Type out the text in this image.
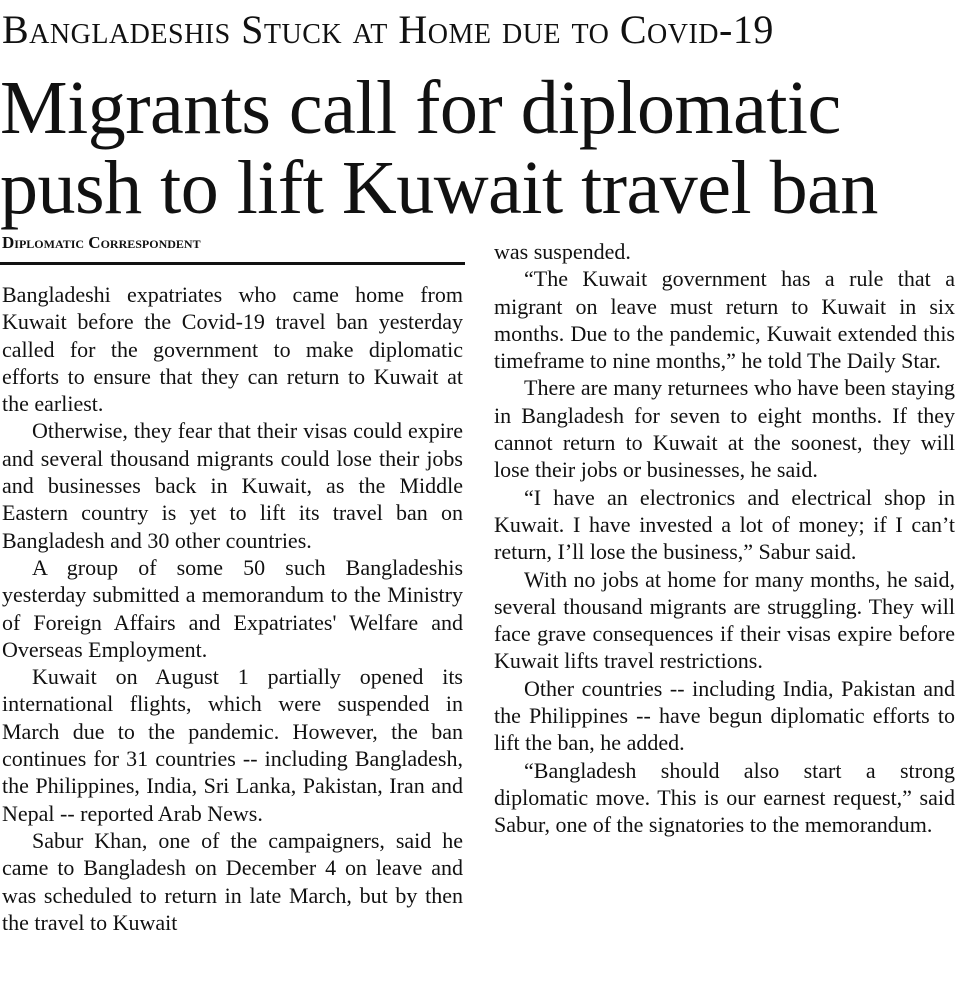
Bangladeshis Stuck at Home due to Covid-19
Migrants call for diplomatic
push to lift Kuwait travel ban
Diplomatic Correspondent

Bangladeshi expatriates who came home from Kuwait before the Covid-19 travel ban yesterday called for the government to make diplomatic efforts to ensure that they can return to Kuwait at the earliest.

Otherwise, they fear that their visas could expire and several thousand migrants could lose their jobs and businesses back in Kuwait, as the Middle Eastern country is yet to lift its travel ban on Bangladesh and 30 other countries.

A group of some 50 such Bangladeshis yesterday submitted a memorandum to the Ministry of Foreign Affairs and Expatriates' Welfare and Overseas Employment.

Kuwait on August 1 partially opened its international flights, which were suspended in March due to the pandemic. However, the ban continues for 31 countries -- including Bangladesh, the Philippines, India, Sri Lanka, Pakistan, Iran and Nepal -- reported Arab News.

Sabur Khan, one of the campaigners, said he came to Bangladesh on December 4 on leave and was scheduled to return in late March, but by then the travel to Kuwait

was suspended.

“The Kuwait government has a rule that a migrant on leave must return to Kuwait in six months. Due to the pandemic, Kuwait extended this timeframe to nine months,” he told The Daily Star.

There are many returnees who have been staying in Bangladesh for seven to eight months. If they cannot return to Kuwait at the soonest, they will lose their jobs or businesses, he said.

“I have an electronics and electrical shop in Kuwait. I have invested a lot of money; if I can’t return, I’ll lose the business,” Sabur said.

With no jobs at home for many months, he said, several thousand migrants are struggling. They will face grave consequences if their visas expire before Kuwait lifts travel restrictions.

Other countries -- including India, Pakistan and the Philippines -- have begun diplomatic efforts to lift the ban, he added.

“Bangladesh should also start a strong diplomatic move. This is our earnest request,” said Sabur, one of the signatories to the memorandum.
